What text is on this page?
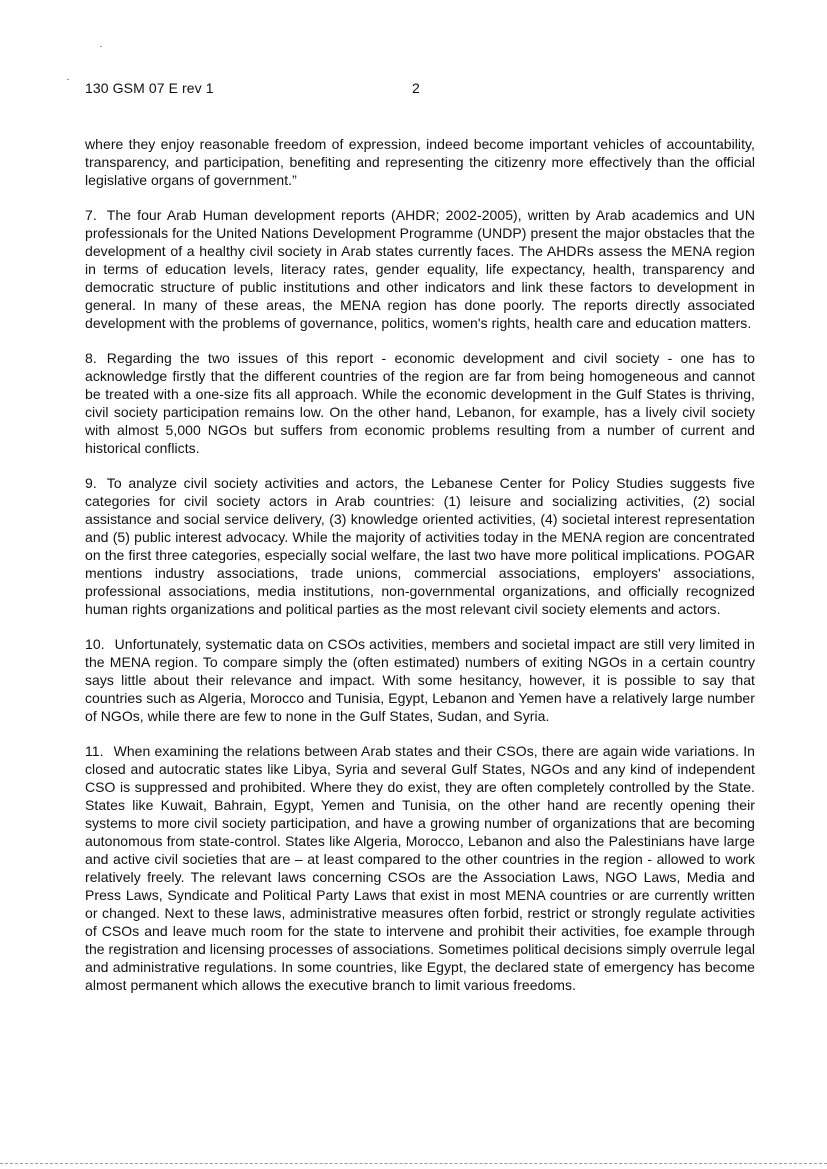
130 GSM 07 E rev 1	2

where they enjoy reasonable freedom of expression, indeed become important vehicles of accountability, transparency, and participation, benefiting and representing the citizenry more effectively than the official legislative organs of government.”

7. The four Arab Human development reports (AHDR; 2002-2005), written by Arab academics and UN professionals for the United Nations Development Programme (UNDP) present the major obstacles that the development of a healthy civil society in Arab states currently faces. The AHDRs assess the MENA region in terms of education levels, literacy rates, gender equality, life expectancy, health, transparency and democratic structure of public institutions and other indicators and link these factors to development in general. In many of these areas, the MENA region has done poorly. The reports directly associated development with the problems of governance, politics, women's rights, health care and education matters.

8. Regarding the two issues of this report - economic development and civil society - one has to acknowledge firstly that the different countries of the region are far from being homogeneous and cannot be treated with a one-size fits all approach. While the economic development in the Gulf States is thriving, civil society participation remains low. On the other hand, Lebanon, for example, has a lively civil society with almost 5,000 NGOs but suffers from economic problems resulting from a number of current and historical conflicts.

9. To analyze civil society activities and actors, the Lebanese Center for Policy Studies suggests five categories for civil society actors in Arab countries: (1) leisure and socializing activities, (2) social assistance and social service delivery, (3) knowledge oriented activities, (4) societal interest representation and (5) public interest advocacy. While the majority of activities today in the MENA region are concentrated on the first three categories, especially social welfare, the last two have more political implications. POGAR mentions industry associations, trade unions, commercial associations, employers' associations, professional associations, media institutions, non-governmental organizations, and officially recognized human rights organizations and political parties as the most relevant civil society elements and actors.

10. Unfortunately, systematic data on CSOs activities, members and societal impact are still very limited in the MENA region. To compare simply the (often estimated) numbers of exiting NGOs in a certain country says little about their relevance and impact. With some hesitancy, however, it is possible to say that countries such as Algeria, Morocco and Tunisia, Egypt, Lebanon and Yemen have a relatively large number of NGOs, while there are few to none in the Gulf States, Sudan, and Syria.

11. When examining the relations between Arab states and their CSOs, there are again wide variations. In closed and autocratic states like Libya, Syria and several Gulf States, NGOs and any kind of independent CSO is suppressed and prohibited. Where they do exist, they are often completely controlled by the State. States like Kuwait, Bahrain, Egypt, Yemen and Tunisia, on the other hand are recently opening their systems to more civil society participation, and have a growing number of organizations that are becoming autonomous from state-control. States like Algeria, Morocco, Lebanon and also the Palestinians have large and active civil societies that are – at least compared to the other countries in the region - allowed to work relatively freely. The relevant laws concerning CSOs are the Association Laws, NGO Laws, Media and Press Laws, Syndicate and Political Party Laws that exist in most MENA countries or are currently written or changed. Next to these laws, administrative measures often forbid, restrict or strongly regulate activities of CSOs and leave much room for the state to intervene and prohibit their activities, foe example through the registration and licensing processes of associations. Sometimes political decisions simply overrule legal and administrative regulations. In some countries, like Egypt, the declared state of emergency has become almost permanent which allows the executive branch to limit various freedoms.
